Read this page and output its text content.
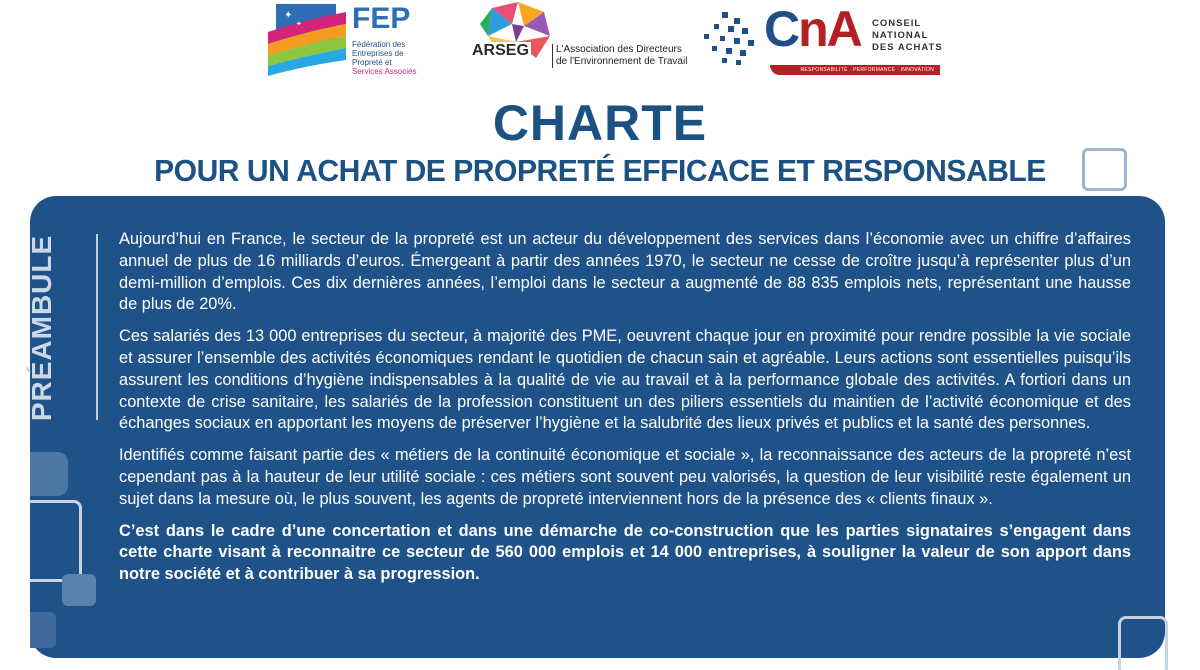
✦
✦ FEP
Fédération des
Entreprises de
Propreté et
Services Associés
ARSEG	L'Association des Directeurs
de l'Environnement de Travail
CnA CONSEIL
NATIONAL
DES ACHATS
RESPONSABILITÉ · PERFORMANCE · INNOVATION
CHARTE
POUR UN ACHAT DE PROPRETÉ EFFICACE ET RESPONSABLE
PRÉAMBULE	Aujourd’hui en France, le secteur de la propreté est un acteur du développement des services dans l’économie avec un chiffre d’affaires annuel de plus de 16 milliards d’euros. Émergeant à partir des années 1970, le secteur ne cesse de croître jusqu’à représenter plus d’un demi-million d’emplois. Ces dix dernières années, l’emploi dans le secteur a augmenté de 88 835 emplois nets, représentant une hausse de plus de 20%.

Ces salariés des 13 000 entreprises du secteur, à majorité des PME, oeuvrent chaque jour en proximité pour rendre possible la vie sociale et assurer l’ensemble des activités économiques rendant le quotidien de chacun sain et agréable. Leurs actions sont essentielles puisqu’ils assurent les conditions d’hygiène indispensables à la qualité de vie au travail et à la performance globale des activités. A fortiori dans un contexte de crise sanitaire, les salariés de la profession constituent un des piliers essentiels du maintien de l’activité économique et des échanges sociaux en apportant les moyens de préserver l’hygiène et la salubrité des lieux privés et publics et la santé des personnes.

Identifiés comme faisant partie des « métiers de la continuité économique et sociale », la reconnaissance des acteurs de la propreté n’est cependant pas à la hauteur de leur utilité sociale : ces métiers sont souvent peu valorisés, la question de leur visibilité reste également un sujet dans la mesure où, le plus souvent, les agents de propreté interviennent hors de la présence des « clients finaux ».

C’est dans le cadre d’une concertation et dans une démarche de co-construction que les parties signataires s’engagent dans cette charte visant à reconnaitre ce secteur de 560 000 emplois et 14 000 entreprises, à souligner la valeur de son apport dans notre société et à contribuer à sa progression.
